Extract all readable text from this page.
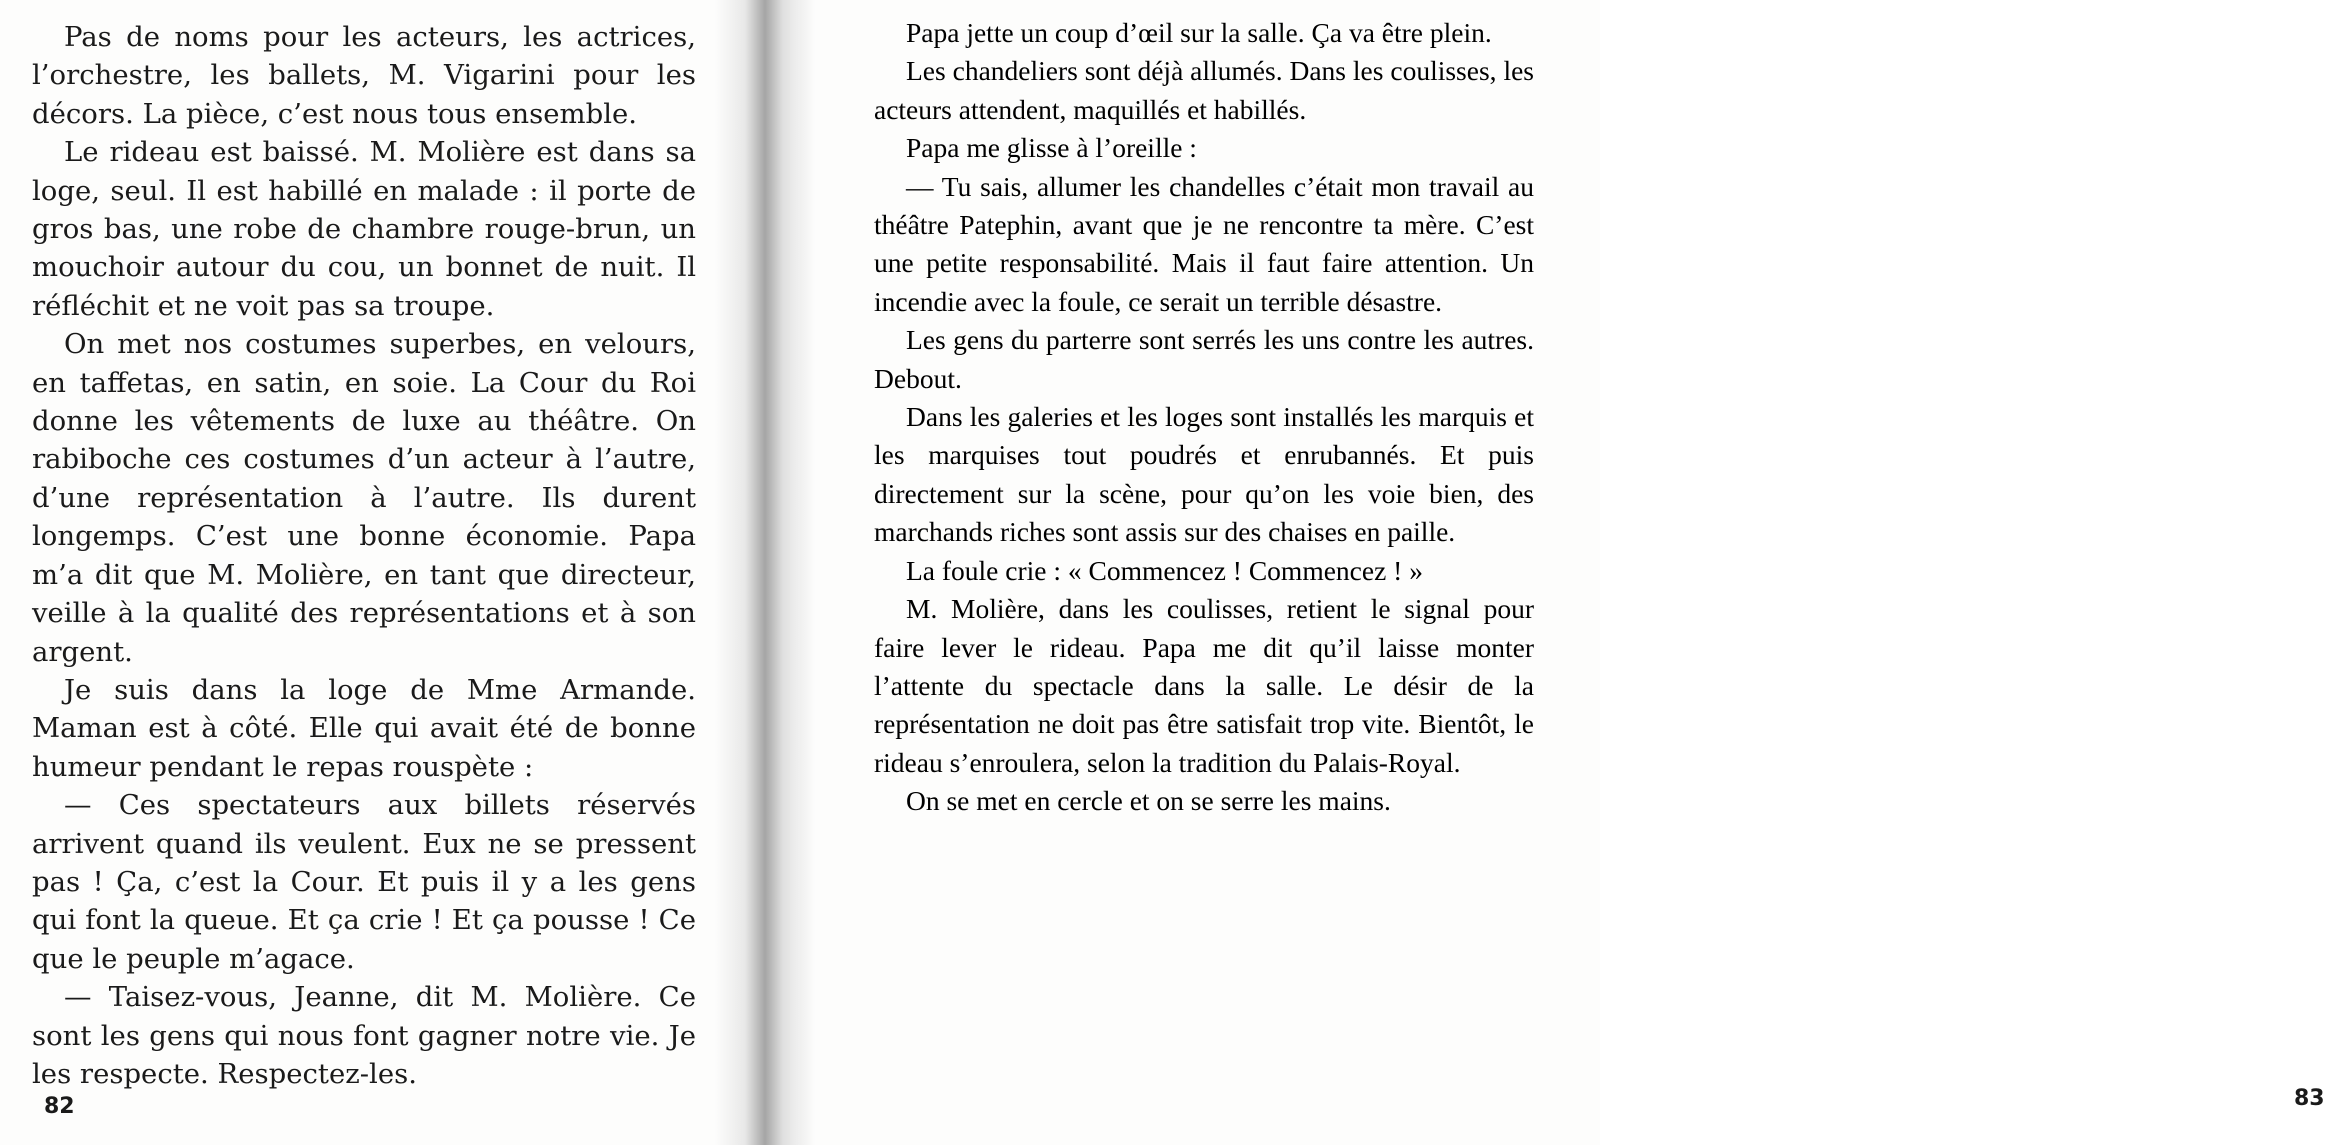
Pas de noms pour les acteurs, les actrices, l’orchestre, les ballets, M. Vigarini pour les décors. La pièce, c’est nous tous ensemble.

Le rideau est baissé. M. Molière est dans sa loge, seul. Il est habillé en malade : il porte de gros bas, une robe de chambre rouge-brun, un mouchoir autour du cou, un bonnet de nuit. Il réfléchit et ne voit pas sa troupe.

On met nos costumes superbes, en velours, en taffetas, en satin, en soie. La Cour du Roi donne les vêtements de luxe au théâtre. On rabiboche ces costumes d’un acteur à l’autre, d’une représentation à l’autre. Ils durent longemps. C’est une bonne économie. Papa m’a dit que M. Molière, en tant que directeur, veille à la qualité des représentations et à son argent.

Je suis dans la loge de Mme Armande. Maman est à côté. Elle qui avait été de bonne humeur pendant le repas rouspète :

— Ces spectateurs aux billets réservés arrivent quand ils veulent. Eux ne se pressent pas ! Ça, c’est la Cour. Et puis il y a les gens qui font la queue. Et ça crie ! Et ça pousse ! Ce que le peuple m’agace.

— Taisez-vous, Jeanne, dit M. Molière. Ce sont les gens qui nous font gagner notre vie. Je les respecte. Respectez-les.

82	83

Papa jette un coup d’œil sur la salle. Ça va être plein.

Les chandeliers sont déjà allumés. Dans les coulisses, les acteurs attendent, maquillés et habillés.

Papa me glisse à l’oreille :

— Tu sais, allumer les chandelles c’était mon travail au théâtre Patephin, avant que je ne rencontre ta mère. C’est une petite responsabilité. Mais il faut faire attention. Un incendie avec la foule, ce serait un terrible désastre.

Les gens du parterre sont serrés les uns contre les autres. Debout.

Dans les galeries et les loges sont installés les marquis et les marquises tout poudrés et enrubannés. Et puis directement sur la scène, pour qu’on les voie bien, des marchands riches sont assis sur des chaises en paille.

La foule crie : « Commencez ! Commencez ! »

M. Molière, dans les coulisses, retient le signal pour faire lever le rideau. Papa me dit qu’il laisse monter l’attente du spectacle dans la salle. Le désir de la représentation ne doit pas être satisfait trop vite. Bientôt, le rideau s’enroulera, selon la tradition du Palais-Royal.

On se met en cercle et on se serre les mains.
